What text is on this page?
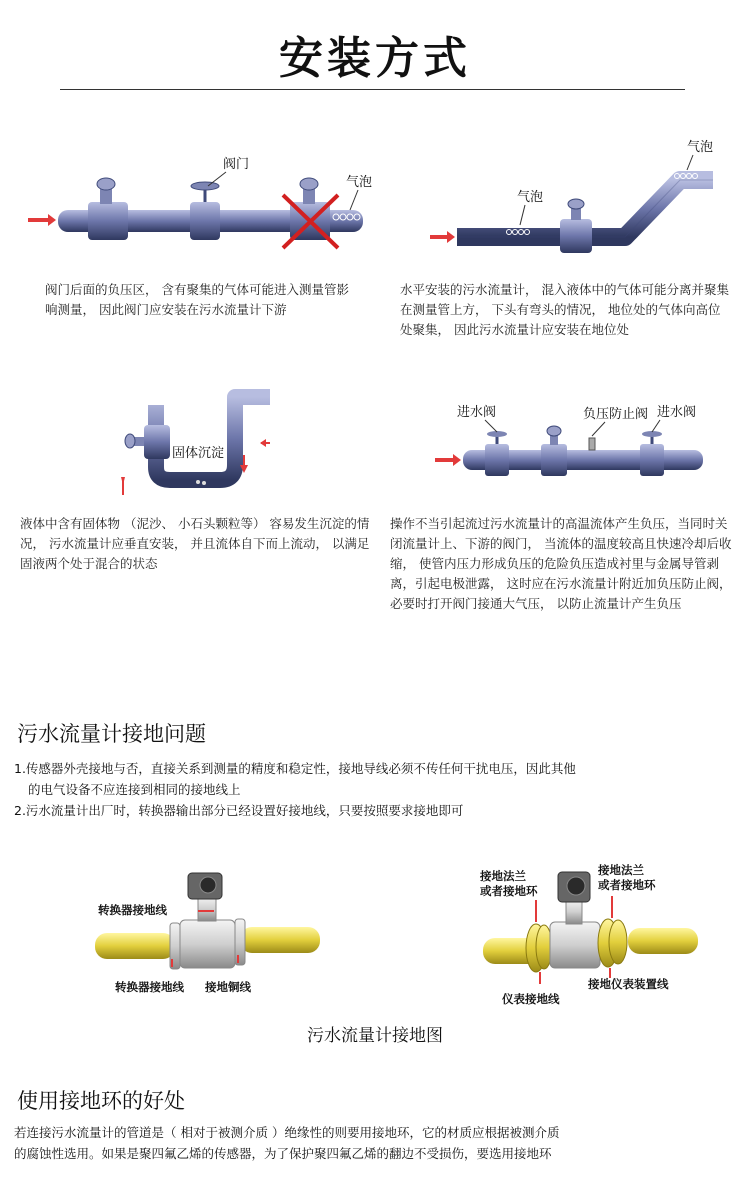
安装方式
阀门
气泡
阀门后面的负压区， 含有聚集的气体可能进入测量管影响测量， 因此阀门应安装在污水流量计下游
气泡
气泡
水平安装的污水流量计， 混入液体中的气体可能分离并聚集在测量管上方， 下头有弯头的情况， 地位处的气体向高位处聚集， 因此污水流量计应安装在地位处
固体沉淀
液体中含有固体物 （泥沙、 小石头颗粒等） 容易发生沉淀的情况， 污水流量计应垂直安装， 并且流体自下而上流动， 以满足固液两个处于混合的状态
进水阀	负压防止阀 进水阀
操作不当引起流过污水流量计的高温流体产生负压，当同时关闭流量计上、下游的阀门， 当流体的温度较高且快速冷却后收缩， 使管内压力形成负压的危险负压造成衬里与金属导管剥离，引起电极泄露， 这时应在污水流量计附近加负压防止阀， 必要时打开阀门接通大气压， 以防止流量计产生负压
污水流量计接地问题
1.传感器外壳接地与否，直接关系到测量的精度和稳定性，接地导线必须不传任何干扰电压，因此其他
的电气设备不应连接到相同的接地线上
2.污水流量计出厂时，转换器输出部分已经设置好接地线，只要按照要求接地即可
转换器接地线
转换器接地线 接地铜线
接地法兰
或者接地环
接地法兰
或者接地环
仪表接地线
接地仪表装置线
污水流量计接地图
使用接地环的好处
若连接污水流量计的管道是（ 相对于被测介质 ）绝缘性的则要用接地环，它的材质应根据被测介质
的腐蚀性选用。如果是聚四氟乙烯的传感器，为了保护聚四氟乙烯的翻边不受损伤，要选用接地环
